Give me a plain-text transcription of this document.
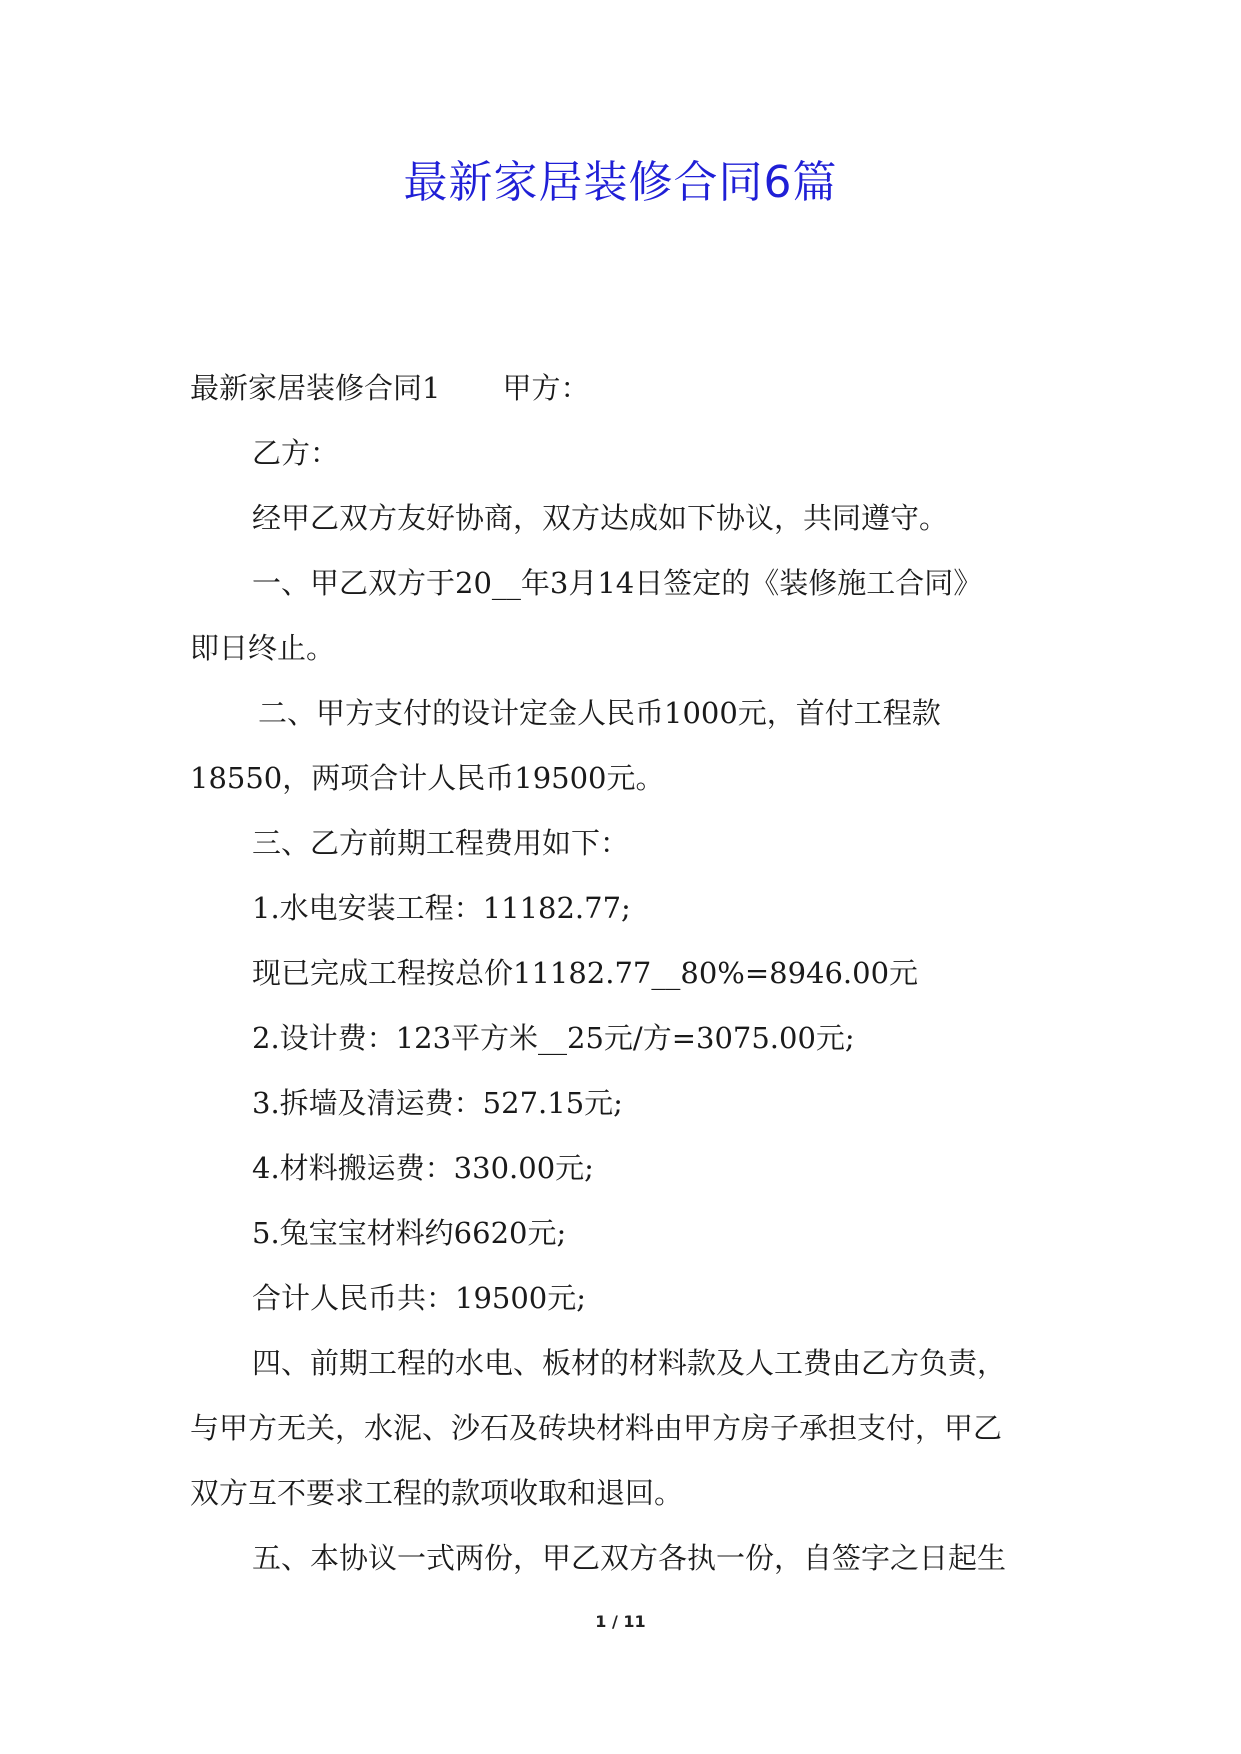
最新家居装修合同6篇
最新家居装修合同1 甲方：
乙方：
经甲乙双方友好协商，双方达成如下协议，共同遵守。
一、甲乙双方于20__年3月14日签定的《装修施工合同》
即日终止。
二、甲方支付的设计定金人民币1000元，首付工程款
18550，两项合计人民币19500元。
三、乙方前期工程费用如下：
1.水电安装工程：11182.77;
现已完成工程按总价11182.77__80%=8946.00元
2.设计费：123平方米__25元/方=3075.00元;
3.拆墙及清运费：527.15元;
4.材料搬运费：330.00元;
5.兔宝宝材料约6620元;
合计人民币共：19500元;
四、前期工程的水电、板材的材料款及人工费由乙方负责，
与甲方无关，水泥、沙石及砖块材料由甲方房子承担支付，甲乙
双方互不要求工程的款项收取和退回。
五、本协议一式两份，甲乙双方各执一份，自签字之日起生
1 / 11
